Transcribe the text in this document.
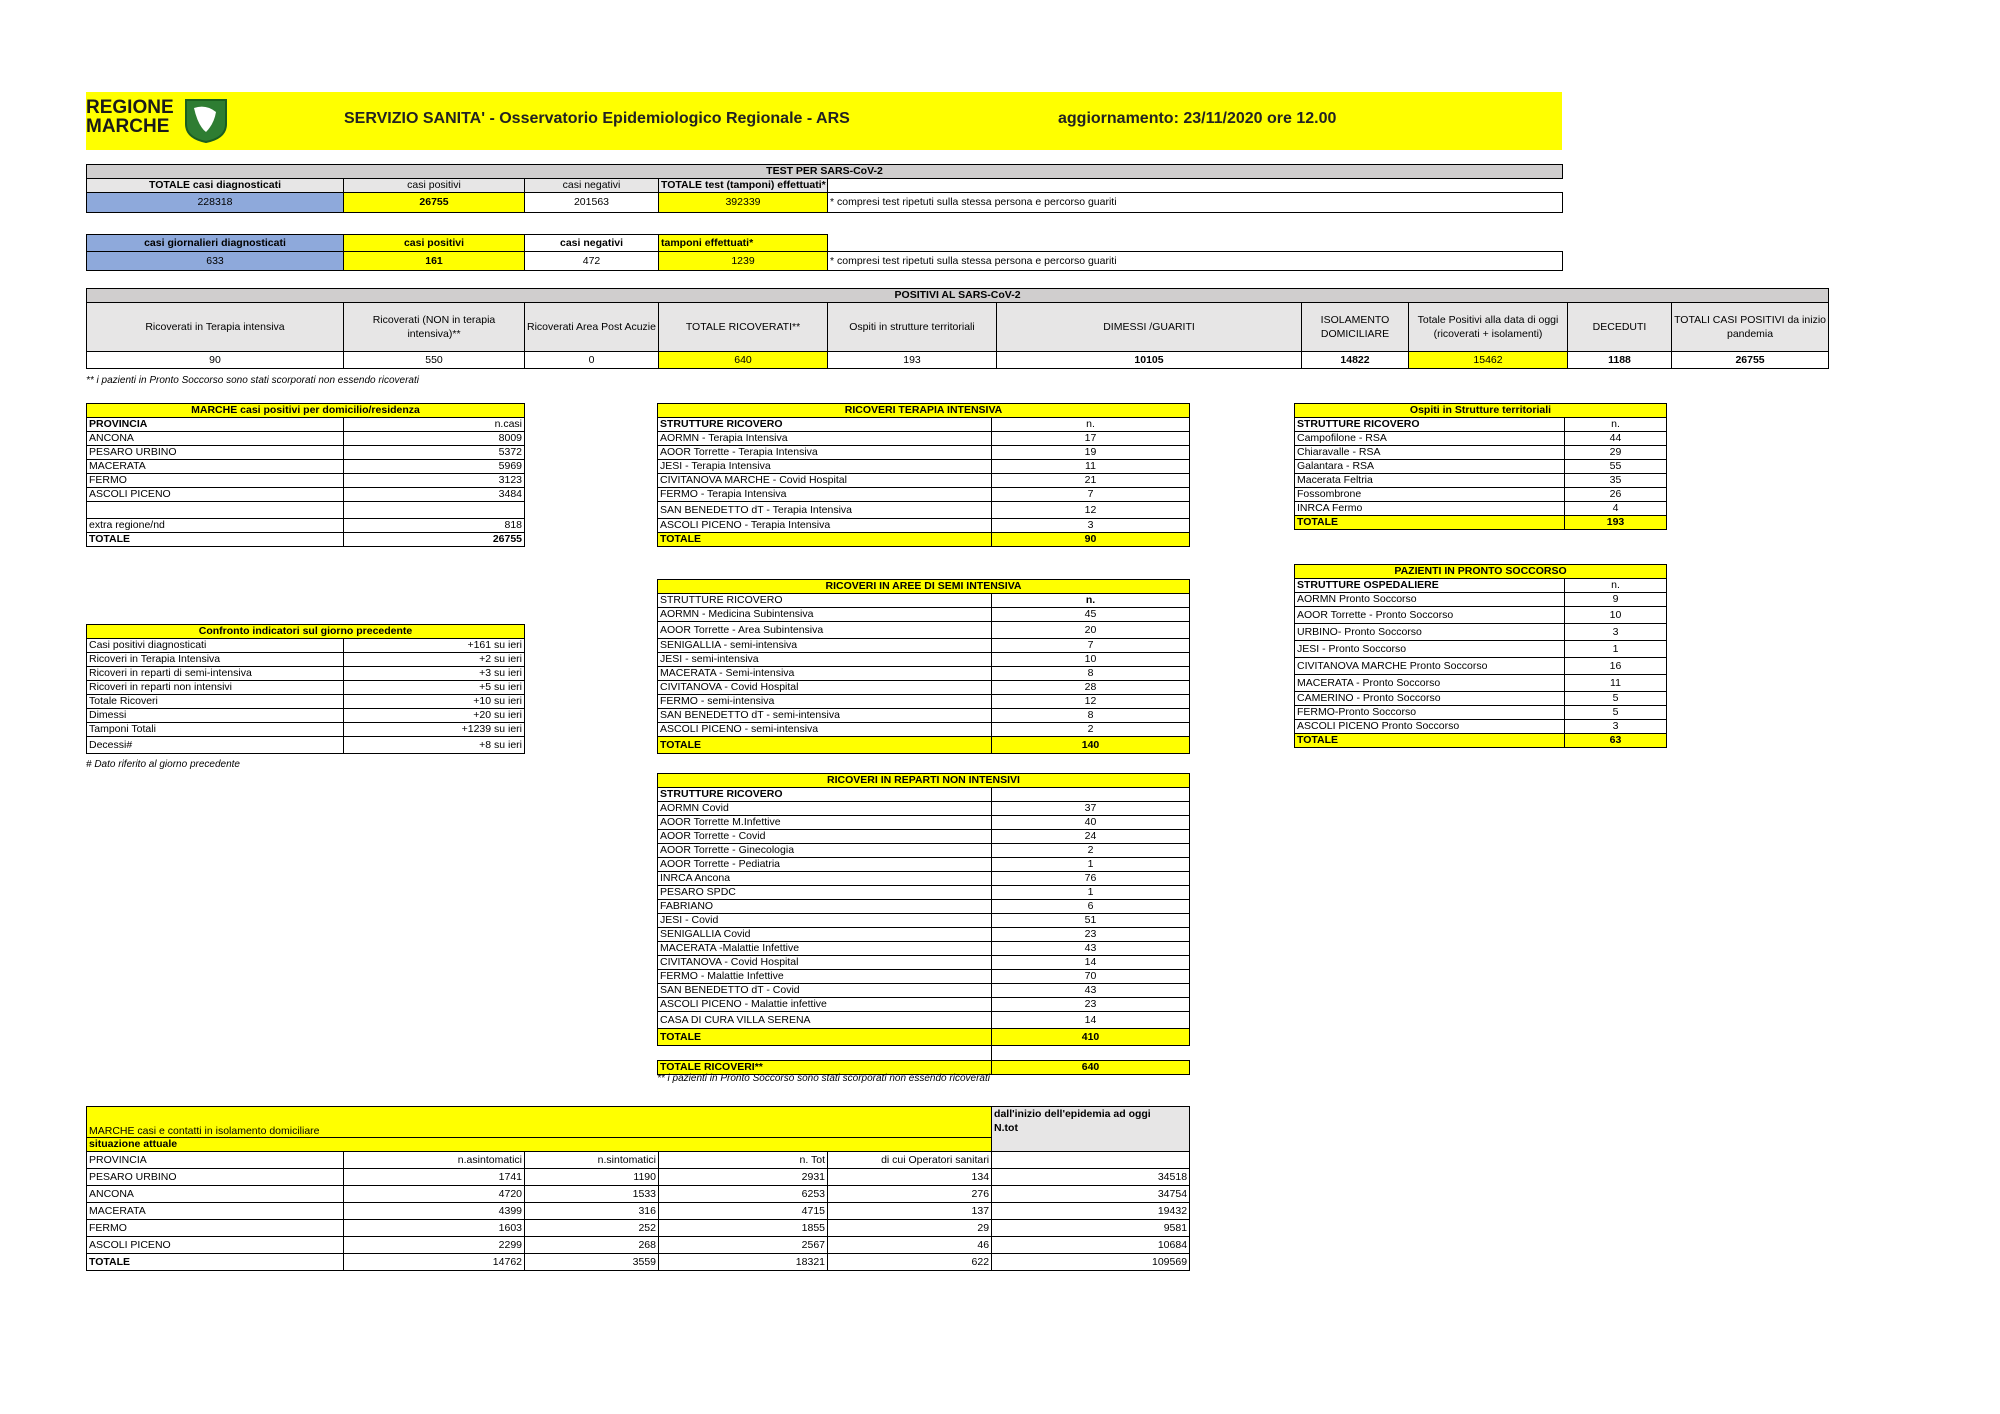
REGIONE
MARCHE	SERVIZIO SANITA' - Osservatorio Epidemiologico Regionale - ARS	aggiornamento: 23/11/2020 ore 12.00
TEST PER SARS-CoV-2				
TOTALE casi diagnosticati	casi positivi	casi negativi	TOTALE test (tamponi) effettuati*	
228318	26755	201563	392339	* compresi test ripetuti sulla stessa persona e percorso guariti
casi giornalieri diagnosticati	casi positivi	casi negativi	tamponi effettuati*	
633	161	472	1239	* compresi test ripetuti sulla stessa persona e percorso guariti
POSITIVI AL SARS-CoV-2									
Ricoverati in Terapia intensiva	Ricoverati (NON in terapia intensiva)**	Ricoverati Area Post Acuzie	TOTALE RICOVERATI**	Ospiti in strutture territoriali	DIMESSI /GUARITI	ISOLAMENTO DOMICILIARE	Totale Positivi alla data di oggi (ricoverati + isolamenti)	DECEDUTI	TOTALI CASI POSITIVI da inizio pandemia
90	550	0	640	193	10105	14822	15462	1188	26755
** i pazienti in Pronto Soccorso sono stati scorporati non essendo ricoverati
MARCHE casi positivi per domicilio/residenza	
PROVINCIA	n.casi
ANCONA	8009
PESARO URBINO	5372
MACERATA	5969
FERMO	3123
ASCOLI PICENO	3484

extra regione/nd	818
TOTALE	26755
Confronto indicatori sul giorno precedente	
Casi positivi diagnosticati	+161 su ieri
Ricoveri in Terapia Intensiva	+2 su ieri
Ricoveri in reparti di semi-intensiva	+3 su ieri
Ricoveri in reparti non intensivi	+5 su ieri
Totale Ricoveri	+10 su ieri
Dimessi	+20 su ieri
Tamponi Totali	+1239 su ieri
Decessi#	+8 su ieri
# Dato riferito al giorno precedente
RICOVERI TERAPIA INTENSIVA	
STRUTTURE RICOVERO	n.
AORMN - Terapia Intensiva	17
AOOR Torrette - Terapia Intensiva	19
JESI - Terapia Intensiva	11
CIVITANOVA MARCHE - Covid Hospital	21
FERMO - Terapia Intensiva	7
SAN BENEDETTO dT - Terapia Intensiva	12
ASCOLI PICENO - Terapia Intensiva	3
TOTALE	90
RICOVERI IN AREE DI SEMI INTENSIVA	
STRUTTURE RICOVERO	n.
AORMN - Medicina Subintensiva	45
AOOR Torrette - Area Subintensiva	20
SENIGALLIA - semi-intensiva	7
JESI - semi-intensiva	10
MACERATA - Semi-intensiva	8
CIVITANOVA - Covid Hospital	28
FERMO - semi-intensiva	12
SAN BENEDETTO dT - semi-intensiva	8
ASCOLI PICENO - semi-intensiva	2
TOTALE	140
RICOVERI IN REPARTI NON INTENSIVI	
STRUTTURE RICOVERO	
AORMN Covid	37
AOOR Torrette M.Infettive	40
AOOR Torrette - Covid	24
AOOR Torrette - Ginecologia	2
AOOR Torrette - Pediatria	1
INRCA Ancona	76
PESARO SPDC	1
FABRIANO	6
JESI - Covid	51
SENIGALLIA Covid	23
MACERATA -Malattie Infettive	43
CIVITANOVA - Covid Hospital	14
FERMO - Malattie Infettive	70
SAN BENEDETTO dT - Covid	43
ASCOLI PICENO - Malattie infettive	23
CASA DI CURA VILLA SERENA	14
TOTALE	410

TOTALE RICOVERI**	640
** i pazienti in Pronto Soccorso sono stati scorporati non essendo ricoverati
Ospiti in Strutture territoriali	
STRUTTURE RICOVERO	n.
Campofilone - RSA	44
Chiaravalle - RSA	29
Galantara - RSA	55
Macerata Feltria	35
Fossombrone	26
INRCA Fermo	4
TOTALE	193
PAZIENTI IN PRONTO SOCCORSO	
STRUTTURE OSPEDALIERE	n.
AORMN Pronto Soccorso	9
AOOR Torrette - Pronto Soccorso	10
URBINO- Pronto Soccorso	3
JESI - Pronto Soccorso	1
CIVITANOVA MARCHE Pronto Soccorso	16
MACERATA - Pronto Soccorso	11
CAMERINO - Pronto Soccorso	5
FERMO-Pronto Soccorso	5
ASCOLI PICENO Pronto Soccorso	3
TOTALE	63
MARCHE casi e contatti in isolamento domiciliare					dall'inizio dell'epidemia ad oggi
N.tot

situazione attuale					
PROVINCIA	n.asintomatici	n.sintomatici	n. Tot	di cui Operatori sanitari	
PESARO URBINO	1741	1190	2931	134	34518
ANCONA	4720	1533	6253	276	34754
MACERATA	4399	316	4715	137	19432
FERMO	1603	252	1855	29	9581
ASCOLI PICENO	2299	268	2567	46	10684
TOTALE	14762	3559	18321	622	109569
